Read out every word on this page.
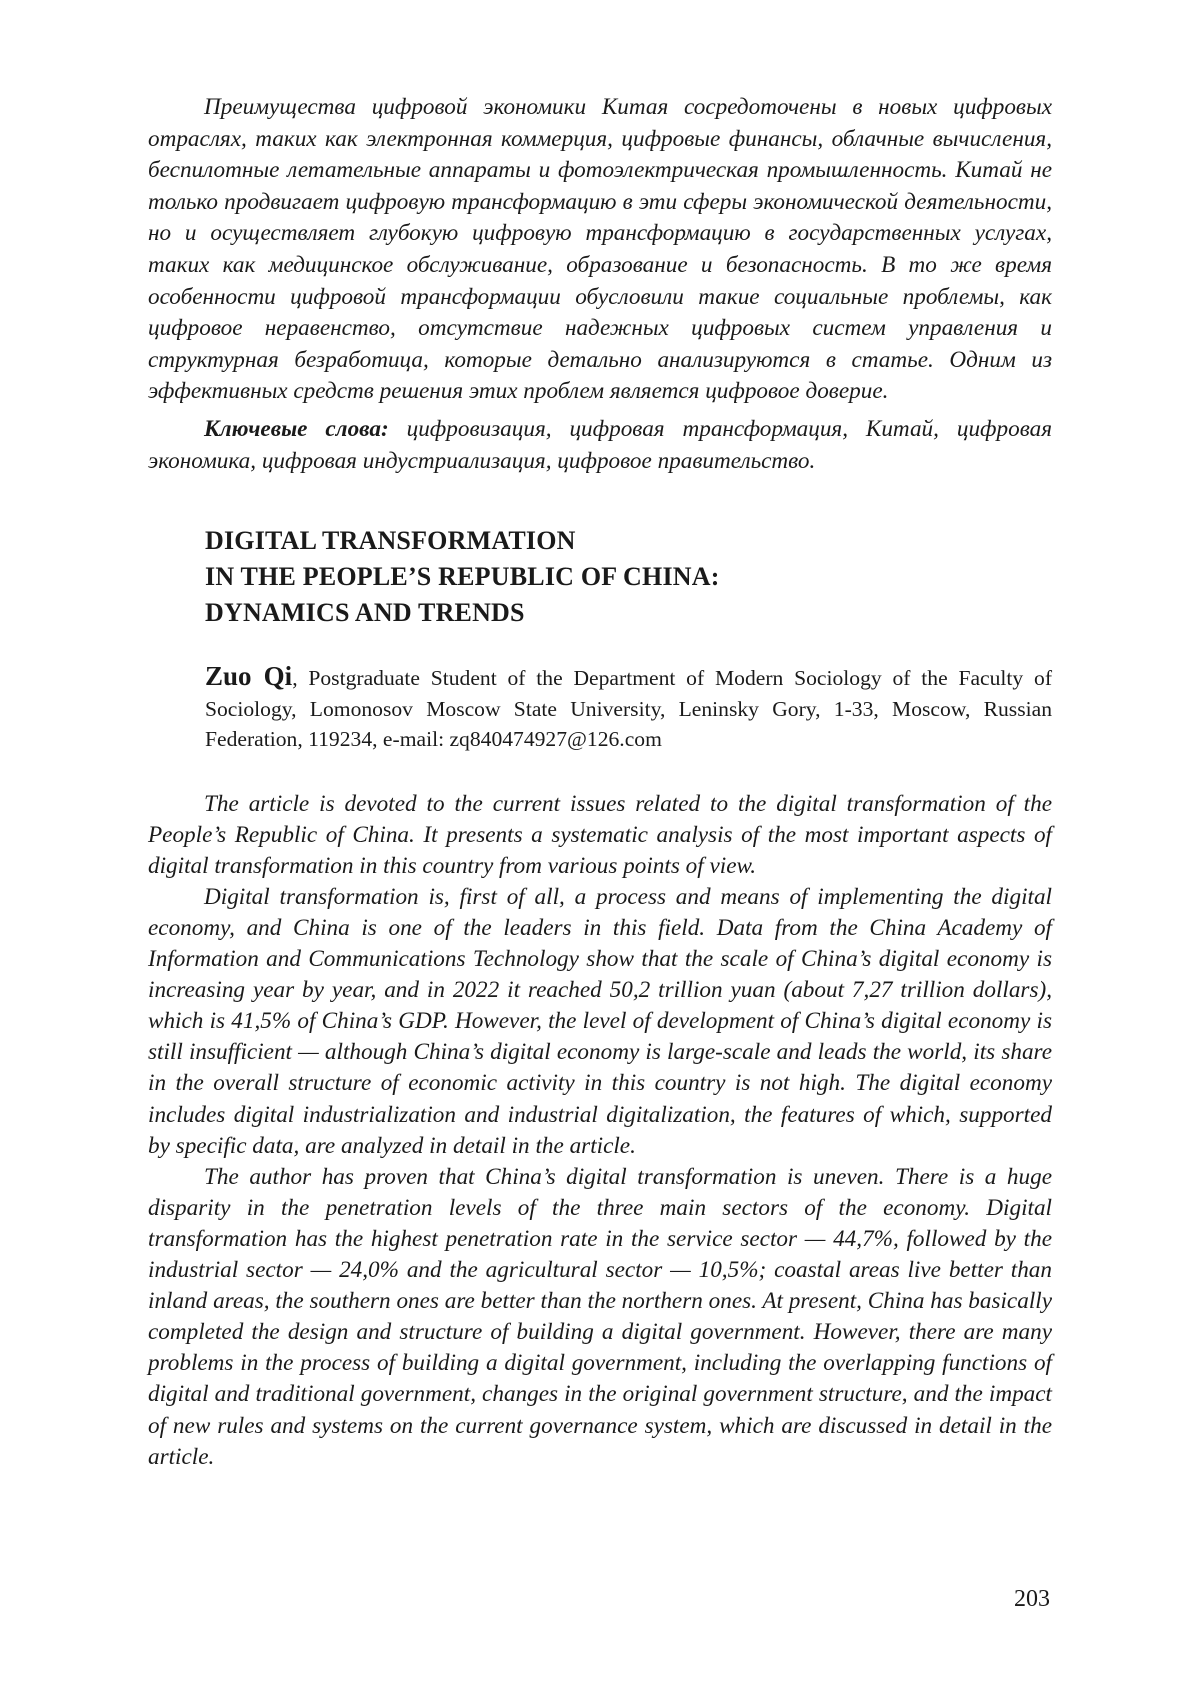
Преимущества цифровой экономики Китая сосредоточены в новых цифровых отраслях, таких как электронная коммерция, цифровые финансы, облачные вычисления, беспилотные летательные аппараты и фотоэлектрическая промышленность. Китай не только продвигает цифровую трансформацию в эти сферы экономической деятельности, но и осуществляет глубокую цифровую трансформацию в государственных услугах, таких как медицинское обслуживание, образование и безопасность. В то же время особенности цифровой трансформации обусловили такие социальные проблемы, как цифровое неравенство, отсутствие надежных цифровых систем управления и структурная безработица, которые детально анализируются в статье. Одним из эффективных средств решения этих проблем является цифровое доверие.

Ключевые слова: цифровизация, цифровая трансформация, Китай, цифровая экономика, цифровая индустриализация, цифровое правительство.

DIGITAL TRANSFORMATION

IN THE PEOPLE’S REPUBLIC OF CHINA:

DYNAMICS AND TRENDS

Zuo Qi, Postgraduate Student of the Department of Modern Sociology of the Faculty of Sociology, Lomonosov Moscow State University, Leninsky Gory, 1-33, Moscow, Russian Federation, 119234, e-mail: zq840474927@126.com

The article is devoted to the current issues related to the digital transformation of the People’s Republic of China. It presents a systematic analysis of the most important aspects of digital transformation in this country from various points of view.

Digital transformation is, first of all, a process and means of implementing the digital economy, and China is one of the leaders in this field. Data from the China Academy of Information and Communications Technology show that the scale of China’s digital economy is increasing year by year, and in 2022 it reached 50,2 trillion yuan (about 7,27 trillion dollars), which is 41,5% of China’s GDP. However, the level of development of China’s digital economy is still insufficient — although China’s digital economy is large-scale and leads the world, its share in the overall structure of economic activity in this country is not high. The digital economy includes digital industrialization and industrial digitalization, the features of which, supported by specific data, are analyzed in detail in the article.

The author has proven that China’s digital transformation is uneven. There is a huge disparity in the penetration levels of the three main sectors of the economy. Digital transformation has the highest penetration rate in the service sector — 44,7%, followed by the industrial sector — 24,0% and the agricultural sector — 10,5%; coastal areas live better than inland areas, the southern ones are better than the northern ones. At present, China has basically completed the design and structure of building a digital government. However, there are many problems in the process of building a digital government, including the overlapping functions of digital and traditional government, changes in the original government structure, and the impact of new rules and systems on the current governance system, which are discussed in detail in the article.

203
